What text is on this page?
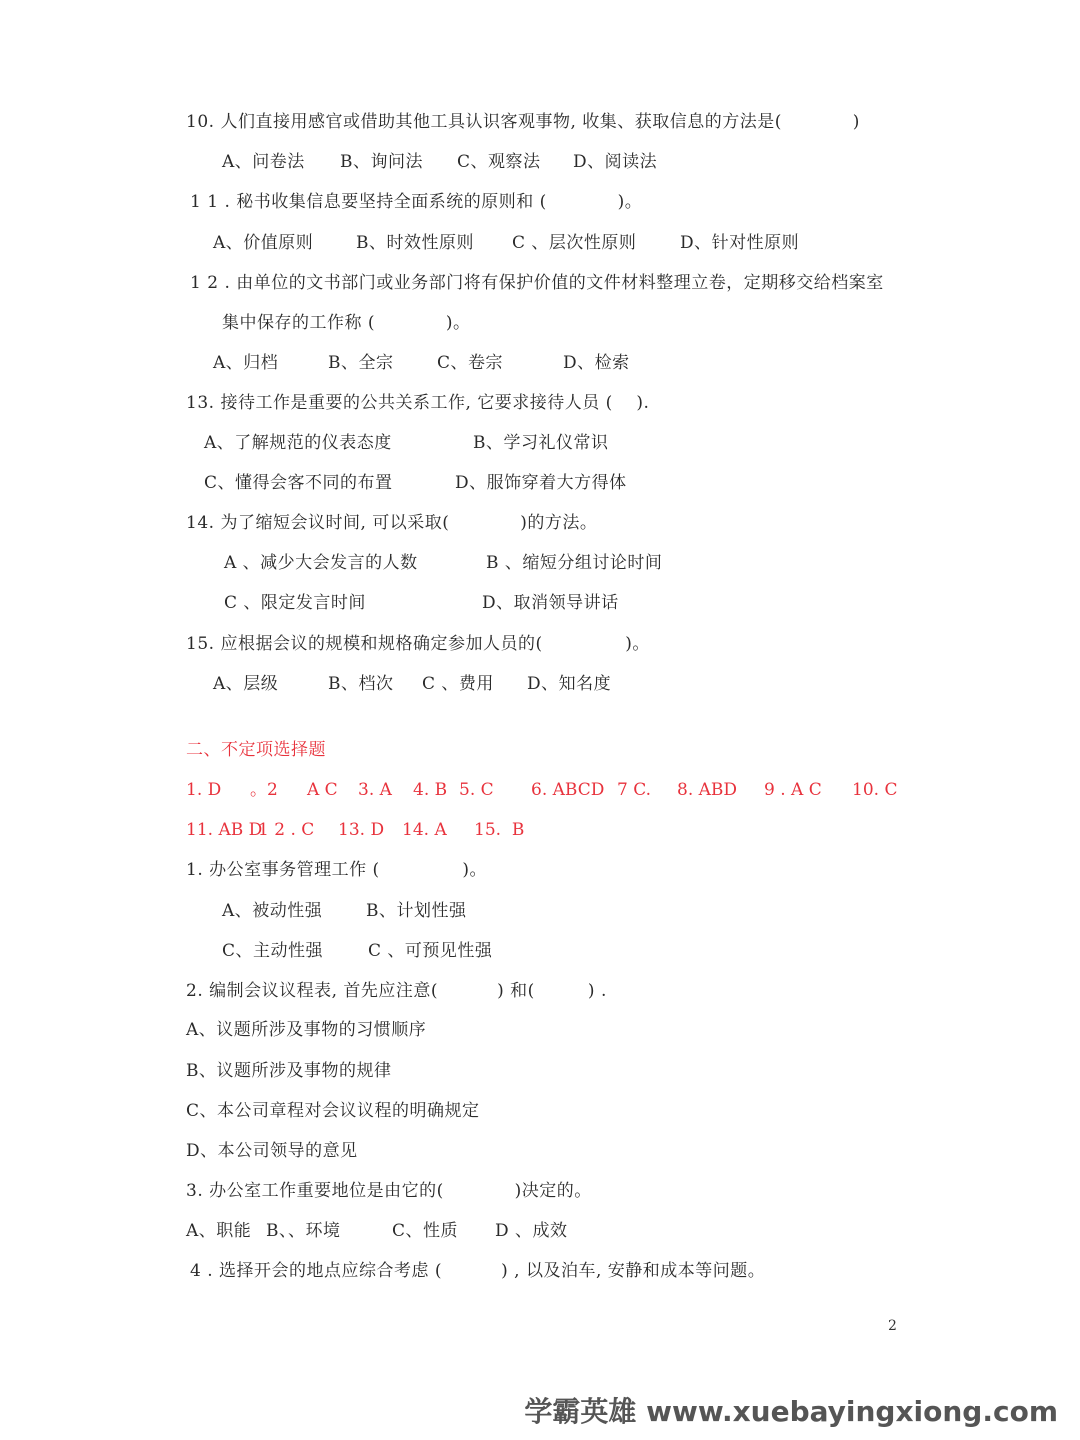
10. 人们直接用感官或借助其他工具认识客观事物, 收集、获取信息的方法是(            )
A、问卷法 B、询问法 C、观察法 D、阅读法
1 1 . 秘书收集信息要坚持全面系统的原则和 (            )。
A、价值原则	B、时效性原则 C 、层次性原则	D、针对性原则
1 2 . 由单位的文书部门或业务部门将有保护价值的文件材料整理立卷，定期移交给档案室
集中保存的工作称 (            )。
A、归档	B、全宗	C、卷宗	D、检索
13. 接待工作是重要的公共关系工作, 它要求接待人员 (    ).
A、了解规范的仪表态度	B、学习礼仪常识
C、懂得会客不同的布置	D、服饰穿着大方得体
14. 为了缩短会议时间, 可以采取(            )的方法。
A 、减少大会发言的人数	B 、缩短分组讨论时间
C 、限定发言时间	D、取消领导讲话
15. 应根据会议的规模和规格确定参加人员的(              )。
A、层级	B、档次 C 、费用 D、知名度
二、不定项选择题
1. D 。2 A C 3. A 4. B 5. C 6. ABCD 7 C. 8. ABD 9 . A C 10. C
11. AB D
1 2 . C 13. D 14. A 15.  B
1. 办公室事务管理工作 (              )。
A、被动性强	B、计划性强
C、主动性强	C 、可预见性强
2. 编制会议议程表, 首先应注意(          ) 和(         ) .
A、议题所涉及事物的习惯顺序
B、议题所涉及事物的规律
C、本公司章程对会议议程的明确规定
D、本公司领导的意见
3. 办公室工作重要地位是由它的(            )决定的。
A、职能 B、、环境	C、性质 D 、成效
4 . 选择开会的地点应综合考虑 (          ) , 以及泊车, 安静和成本等问题。
2
学霸英雄 www.xuebayingxiong.com
